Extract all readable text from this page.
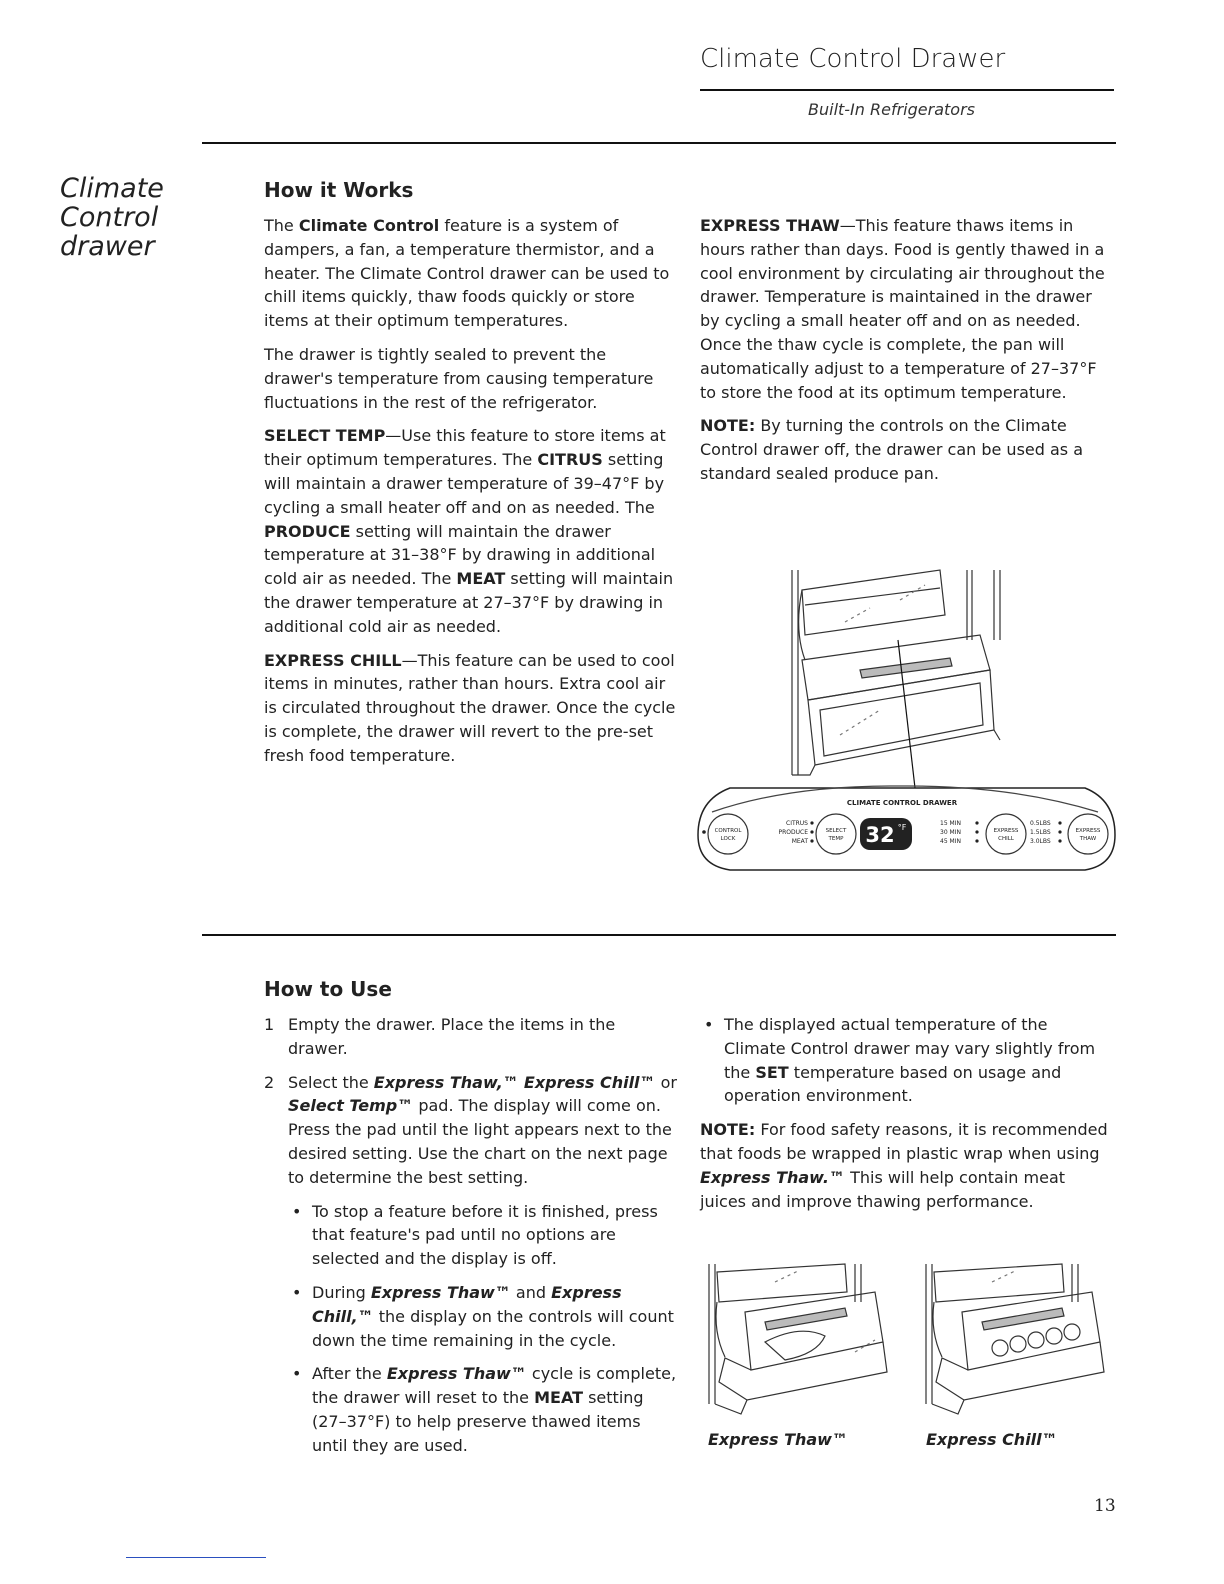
Climate Control Drawer
Built-In Refrigerators
Climate
Control
drawer
How it Works

The Climate Control feature is a system of dampers, a fan, a temperature thermistor, and a heater. The Climate Control drawer can be used to chill items quickly, thaw foods quickly or store items at their optimum temperatures.

The drawer is tightly sealed to prevent the drawer's temperature from causing temperature fluctuations in the rest of the refrigerator.

SELECT TEMP—Use this feature to store items at their optimum temperatures. The CITRUS setting will maintain a drawer temperature of 39–47°F by cycling a small heater off and on as needed. The PRODUCE setting will maintain the drawer temperature at 31–38°F by drawing in additional cold air as needed. The MEAT setting will maintain the drawer temperature at 27–37°F by drawing in additional cold air as needed.

EXPRESS CHILL—This feature can be used to cool items in minutes, rather than hours. Extra cool air is circulated throughout the drawer. Once the cycle is complete, the drawer will revert to the pre-set fresh food temperature.

EXPRESS THAW—This feature thaws items in hours rather than days. Food is gently thawed in a cool environment by circulating air throughout the drawer. Temperature is maintained in the drawer by cycling a small heater off and on as needed. Once the thaw cycle is complete, the pan will automatically adjust to a temperature of 27–37°F to store the food at its optimum temperature.

NOTE: By turning the controls on the Climate Control drawer off, the drawer can be used as a standard sealed produce pan.

32 °F
CLIMATE CONTROL DRAWER
CONTROL
LOCK
SELECT
TEMP
EXPRESS
CHILL
EXPRESS
THAW
CITRUS
PRODUCE
MEAT
15 MIN
30 MIN
45 MIN
0.5LBS
1.5LBS
3.0LBS
How to Use
1 Empty the drawer. Place the items in the drawer.
2 Select the Express Thaw,™ Express Chill™ or Select Temp™ pad. The display will come on. Press the pad until the light appears next to the desired setting. Use the chart on the next page to determine the best setting.
• To stop a feature before it is finished, press that feature's pad until no options are selected and the display is off.
• During Express Thaw™ and Express Chill,™ the display on the controls will count down the time remaining in the cycle.
• After the Express Thaw™ cycle is complete, the drawer will reset to the MEAT setting (27–37°F) to help preserve thawed items until they are used.
• The displayed actual temperature of the Climate Control drawer may vary slightly from the SET temperature based on usage and operation environment.

NOTE: For food safety reasons, it is recommended that foods be wrapped in plastic wrap when using Express Thaw.™ This will help contain meat juices and improve thawing performance.

Express Thaw™	Express Chill™
13
